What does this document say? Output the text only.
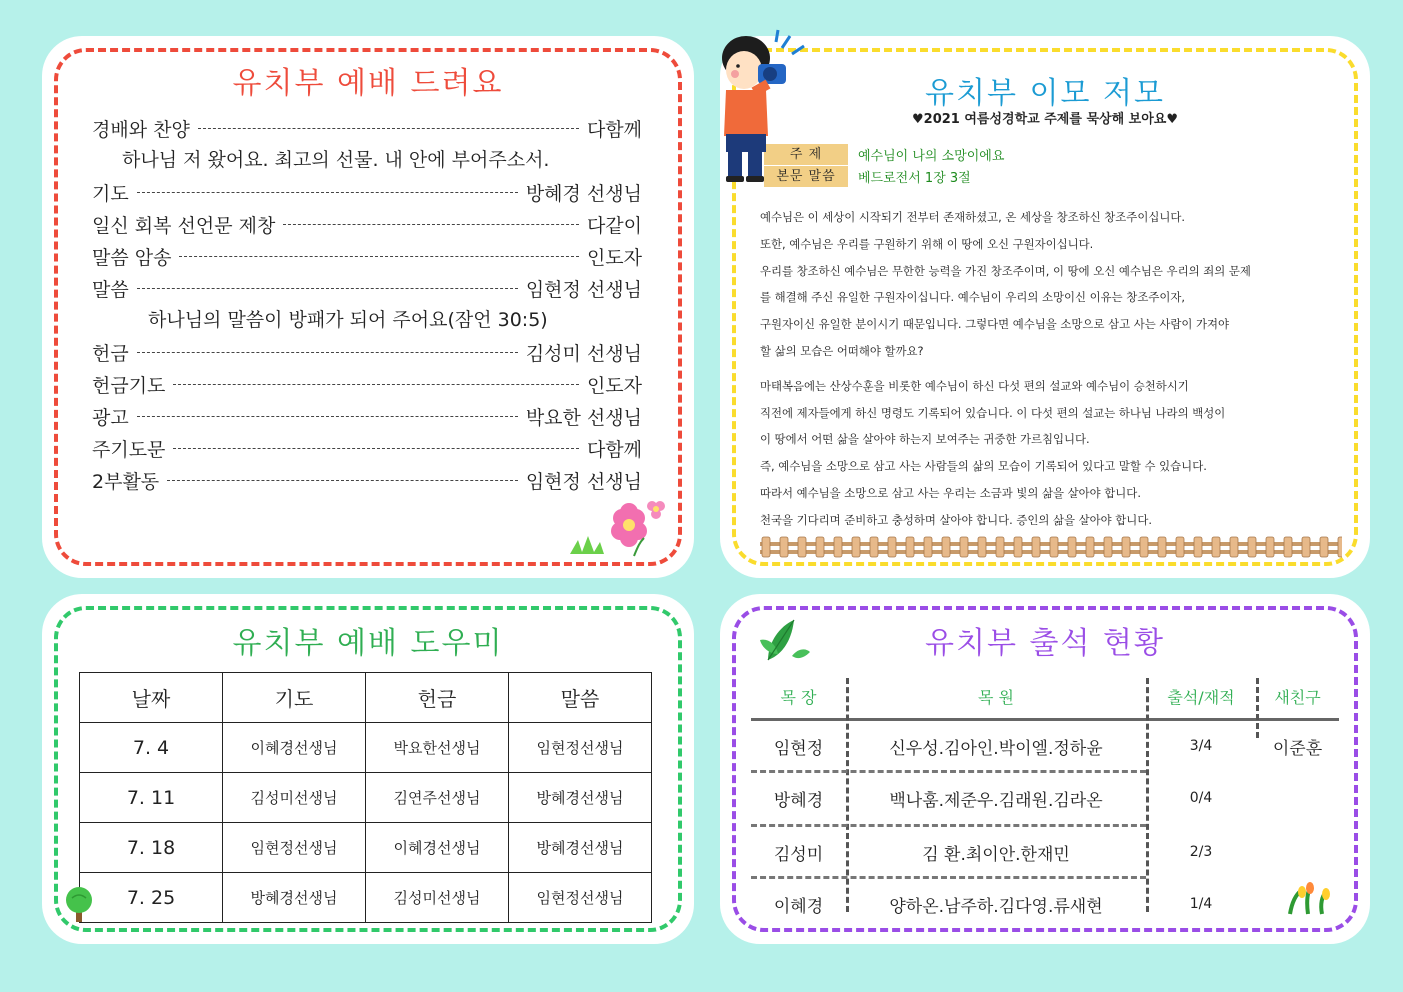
유치부 예배 드려요
경배와 찬양	다함께
하나님 저 왔어요. 최고의 선물. 내 안에 부어주소서.
기도	방혜경 선생님
일신 회복 선언문 제창	다같이
말씀 암송	인도자
말씀	임현정 선생님
하나님의 말씀이 방패가 되어 주어요(잠언 30:5)
헌금	김성미 선생님
헌금기도	인도자
광고	박요한 선생님
주기도문	다함께
2부활동	임현정 선생님
유치부 이모 저모
♥2021 여름성경학교 주제를 묵상해 보아요♥
주 제	예수님이 나의 소망이에요
본문 말씀	베드로전서 1장 3절
예수님은 이 세상이 시작되기 전부터 존재하셨고, 온 세상을 창조하신 창조주이십니다.
또한, 예수님은 우리를 구원하기 위해 이 땅에 오신 구원자이십니다.
우리를 창조하신 예수님은 무한한 능력을 가진 창조주이며, 이 땅에 오신 예수님은 우리의 죄의 문제
를 해결해 주신 유일한 구원자이십니다. 예수님이 우리의 소망이신 이유는 창조주이자,
구원자이신 유일한 분이시기 때문입니다. 그렇다면 예수님을 소망으로 삼고 사는 사람이 가져야
할 삶의 모습은 어떠해야 할까요?
마태복음에는 산상수훈을 비롯한 예수님이 하신 다섯 편의 설교와 예수님이 승천하시기
직전에 제자들에게 하신 명령도 기록되어 있습니다. 이 다섯 편의 설교는 하나님 나라의 백성이
이 땅에서 어떤 삶을 살아야 하는지 보여주는 귀중한 가르침입니다.
즉, 예수님을 소망으로 삼고 사는 사람들의 삶의 모습이 기록되어 있다고 말할 수 있습니다.
따라서 예수님을 소망으로 삼고 사는 우리는 소금과 빛의 삶을 살아야 합니다.
천국을 기다리며 준비하고 충성하며 살아야 합니다. 증인의 삶을 살아야 합니다.
유치부 예배 도우미
날짜	기도	헌금	말씀
7. 4	이혜경선생님	박요한선생님	임현정선생님
7. 11	김성미선생님	김연주선생님	방혜경선생님
7. 18	임현정선생님	이혜경선생님	방혜경선생님
7. 25	방혜경선생님	김성미선생님	임현정선생님
유치부 출석 현황
목 장	목 원	출석/재적	새친구
임현정	신우성.김아인.박이엘.정하윤	3/4	이준훈
방혜경	백나훔.제준우.김래원.김라온	0/4
김성미	김 환.최이안.한재민	2/3
이혜경	양하온.남주하.김다영.류새현	1/4
